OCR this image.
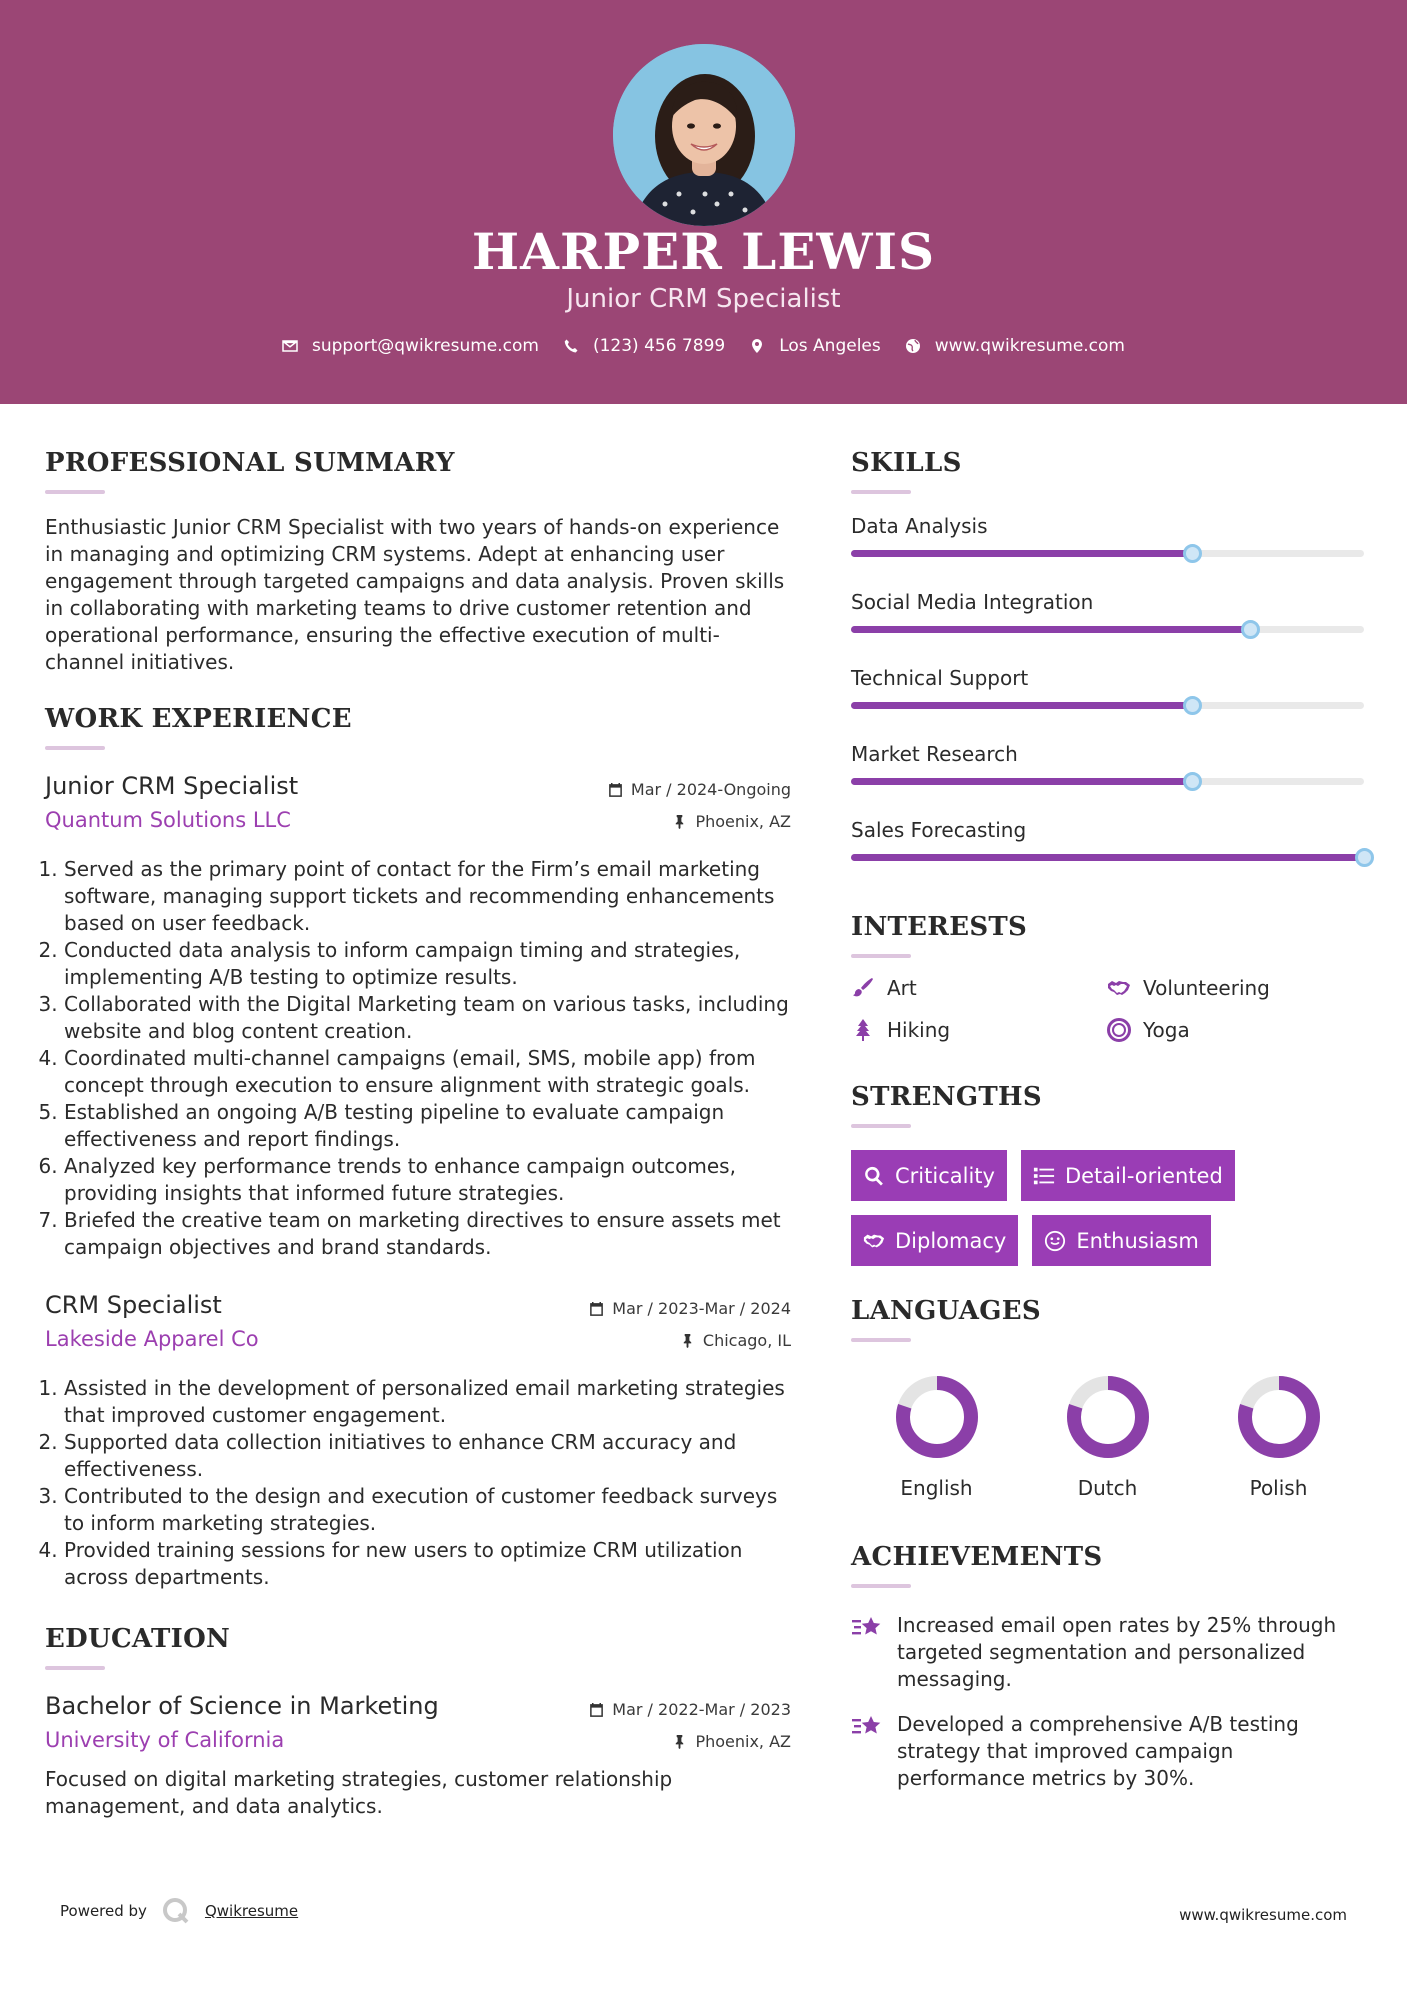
HARPER LEWIS
Junior CRM Specialist
support@qwikresume.com	(123) 456 7899	Los Angeles	www.qwikresume.com
PROFESSIONAL SUMMARY
Enthusiastic Junior CRM Specialist with two years of hands-on experience in managing and optimizing CRM systems. Adept at enhancing user engagement through targeted campaigns and data analysis. Proven skills in collaborating with marketing teams to drive customer retention and operational performance, ensuring the effective execution of multi-channel initiatives.
WORK EXPERIENCE
Junior CRM Specialist
Quantum Solutions LLC
Mar / 2024-Ongoing
Phoenix, AZ
1. Served as the primary point of contact for the Firm’s email marketing software, managing support tickets and recommending enhancements based on user feedback.
2. Conducted data analysis to inform campaign timing and strategies, implementing A/B testing to optimize results.
3. Collaborated with the Digital Marketing team on various tasks, including website and blog content creation.
4. Coordinated multi-channel campaigns (email, SMS, mobile app) from concept through execution to ensure alignment with strategic goals.
5. Established an ongoing A/B testing pipeline to evaluate campaign effectiveness and report findings.
6. Analyzed key performance trends to enhance campaign outcomes, providing insights that informed future strategies.
7. Briefed the creative team on marketing directives to ensure assets met campaign objectives and brand standards.
CRM Specialist
Lakeside Apparel Co
Mar / 2023-Mar / 2024
Chicago, IL
1. Assisted in the development of personalized email marketing strategies that improved customer engagement.
2. Supported data collection initiatives to enhance CRM accuracy and effectiveness.
3. Contributed to the design and execution of customer feedback surveys to inform marketing strategies.
4. Provided training sessions for new users to optimize CRM utilization across departments.
EDUCATION
Bachelor of Science in Marketing
University of California
Mar / 2022-Mar / 2023
Phoenix, AZ
Focused on digital marketing strategies, customer relationship management, and data analytics.
SKILLS
Data Analysis
Social Media Integration
Technical Support
Market Research
Sales Forecasting
INTERESTS
Art	Volunteering
Hiking	Yoga
STRENGTHS
Criticality	Detail-oriented
Diplomacy	Enthusiasm
LANGUAGES
English	Dutch	Polish
ACHIEVEMENTS
Increased email open rates by 25% through targeted segmentation and personalized messaging.
Developed a comprehensive A/B testing strategy that improved campaign performance metrics by 30%.
Powered by	Qwikresume	www.qwikresume.com
